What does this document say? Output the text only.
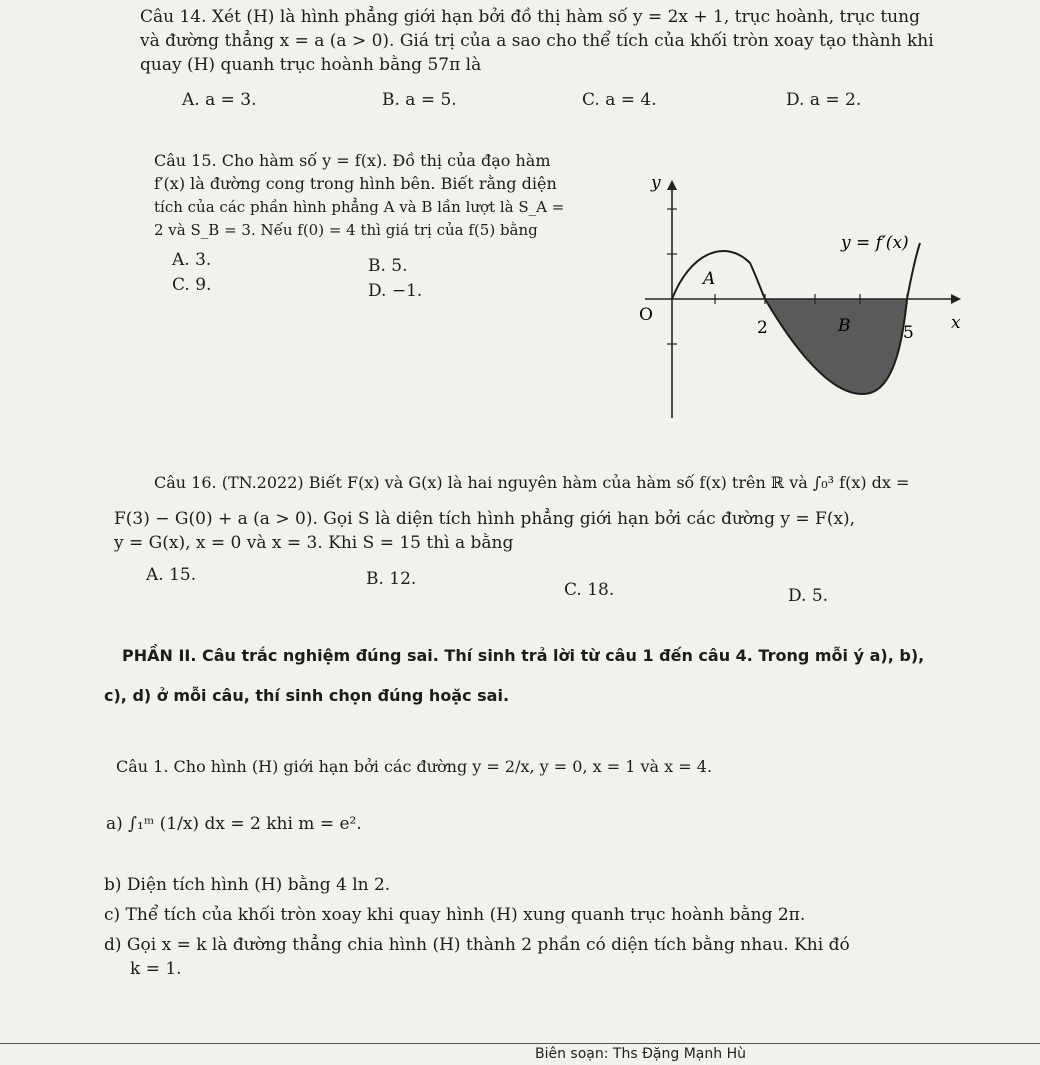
Câu 14. Xét (H) là hình phẳng giới hạn bởi đồ thị hàm số y = 2x + 1, trục hoành, trục tung
và đường thẳng x = a (a > 0). Giá trị của a sao cho thể tích của khối tròn xoay tạo thành khi
quay (H) quanh trục hoành bằng 57π là
A. a = 3.	B. a = 5.	C. a = 4.	D. a = 2.
Câu 15. Cho hàm số y = f(x). Đồ thị của đạo hàm
f′(x) là đường cong trong hình bên. Biết rằng diện
tích của các phần hình phẳng A và B lần lượt là S_A =
2 và S_B = 3. Nếu f(0) = 4 thì giá trị của f(5) bằng
A. 3.	B. 5.
C. 9.	D. −1.
y
x
y = f′(x)
O
2	5
A
B
Câu 16. (TN.2022) Biết F(x) và G(x) là hai nguyên hàm của hàm số f(x) trên ℝ và ∫₀³ f(x) dx =
F(3) − G(0) + a (a > 0). Gọi S là diện tích hình phẳng giới hạn bởi các đường y = F(x),
y = G(x), x = 0 và x = 3. Khi S = 15 thì a bằng
A. 15.	B. 12.
C. 18.	D. 5.
PHẦN II. Câu trắc nghiệm đúng sai. Thí sinh trả lời từ câu 1 đến câu 4. Trong mỗi ý a), b),
c), d) ở mỗi câu, thí sinh chọn đúng hoặc sai.
Câu 1. Cho hình (H) giới hạn bởi các đường y = 2/x, y = 0, x = 1 và x = 4.
a) ∫₁ᵐ (1/x) dx = 2 khi m = e².
b) Diện tích hình (H) bằng 4 ln 2.
c) Thể tích của khối tròn xoay khi quay hình (H) xung quanh trục hoành bằng 2π.
d) Gọi x = k là đường thẳng chia hình (H) thành 2 phần có diện tích bằng nhau. Khi đó
k = 1.
Biên soạn: Ths Đặng Mạnh Hù
